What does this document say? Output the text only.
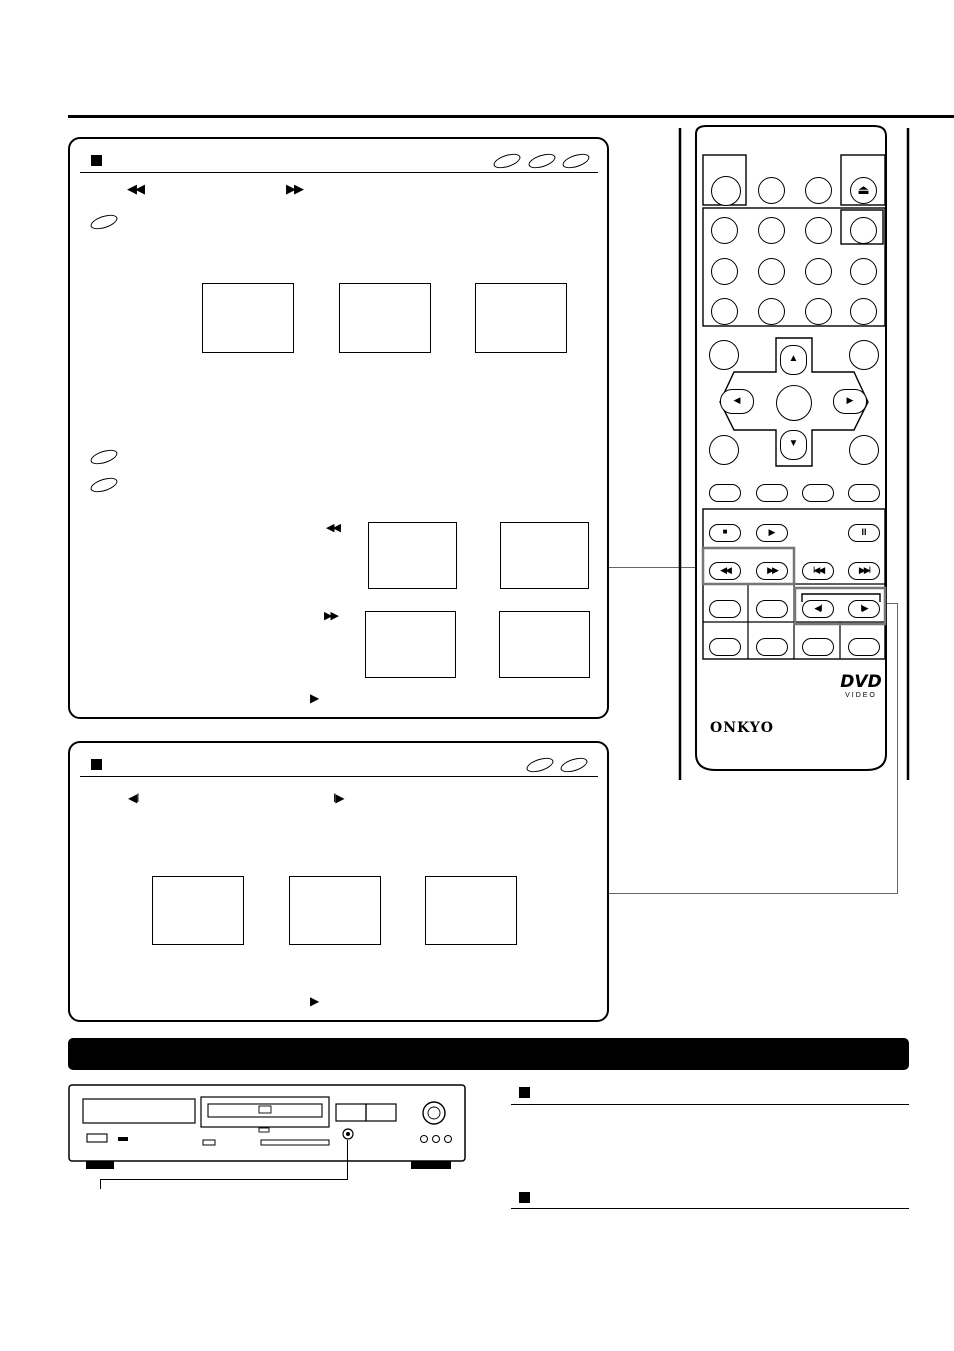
◀◀	▶▶
◀◀
▶▶
▶
◀I	I▶
▶
⏏
▲
▼
◀	▶
■	▶	II
◀◀	▶▶	I◀◀	▶▶I
◀I	I▶
DVD
VIDEO
ONKYO
